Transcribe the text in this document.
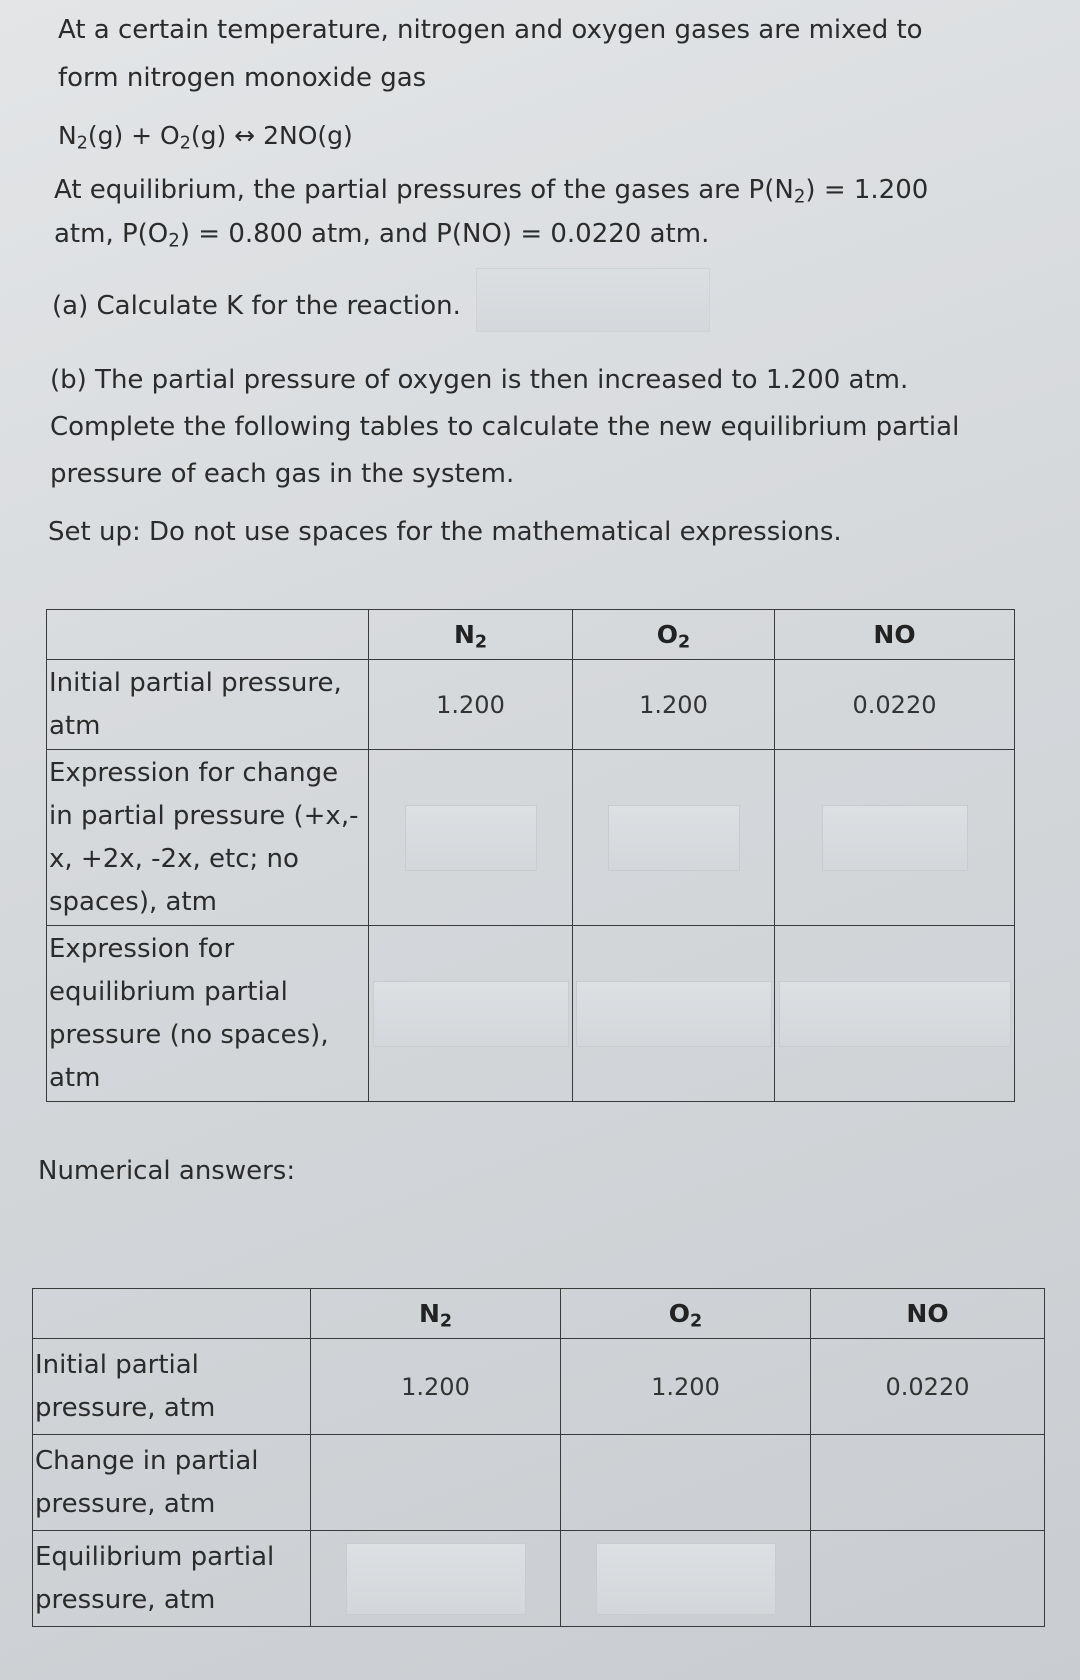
At a certain temperature, nitrogen and oxygen gases are mixed to form nitrogen monoxide gas
$N_2(g) + O_2(g)$ ↔ 2NO(g)
At equilibrium, the partial pressures of the gases are $P(N_2) = 1.200$ atm, $P(O_2) = 0.800$ atm, and P(NO) = 0.0220 atm.
(a) Calculate K for the reaction.
(b) The partial pressure of oxygen is then increased to 1.200 atm. Complete the following tables to calculate the new equilibrium partial pressure of each gas in the system.
Set up: Do not use spaces for the mathematical expressions.
	$N_2$	$O_2$	NO
Initial partial pressure, atm	1.200	1.200	0.0220
Expression for change in partial pressure (+x,-x, +2x, -2x, etc; no spaces), atm	

Expression for equilibrium partial pressure (no spaces), atm	

Numerical answers:
	$N_2$	$O_2$	NO
Initial partial pressure, atm	1.200	1.200	0.0220
Change in partial pressure, atm			
Equilibrium partial pressure, atm	
